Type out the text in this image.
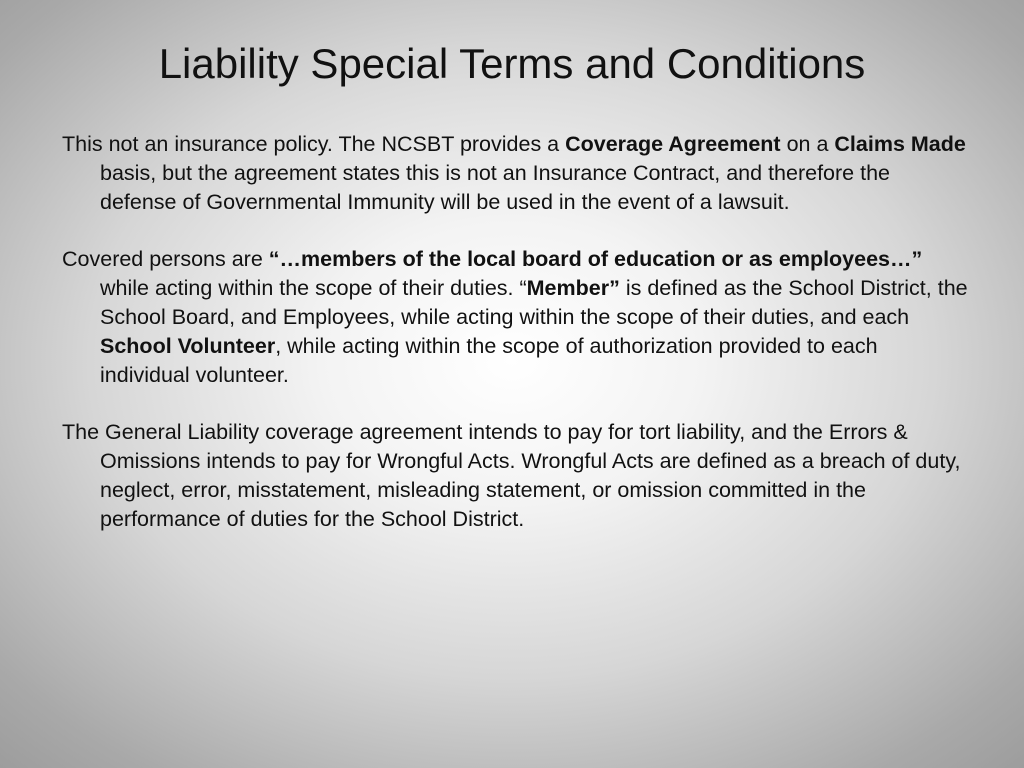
Liability Special Terms and Conditions

This not an insurance policy. The NCSBT provides a Coverage Agreement on a Claims Made basis, but the agreement states this is not an Insurance Contract, and therefore the defense of Governmental Immunity will be used in the event of a lawsuit.

Covered persons are “…members of the local board of education or as employees…” while acting within the scope of their duties. “Member” is defined as the School District, the School Board, and Employees, while acting within the scope of their duties, and each School Volunteer, while acting within the scope of authorization provided to each individual volunteer.

The General Liability coverage agreement intends to pay for tort liability, and the Errors & Omissions intends to pay for Wrongful Acts. Wrongful Acts are defined as a breach of duty, neglect, error, misstatement, misleading statement, or omission committed in the performance of duties for the School District.
